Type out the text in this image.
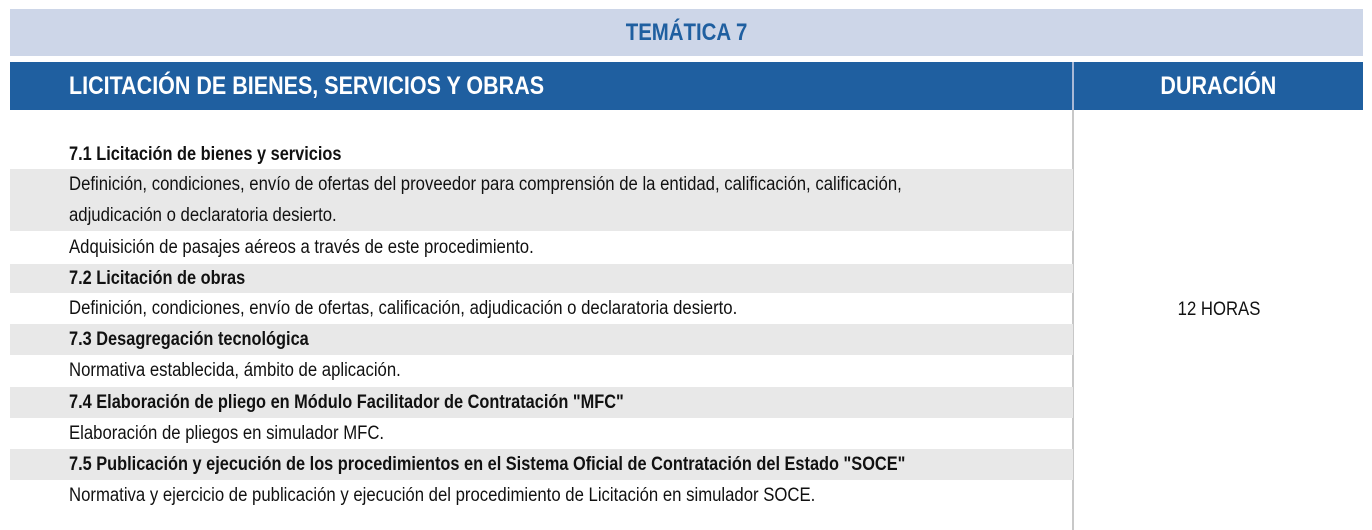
TEMÁTICA 7
LICITACIÓN DE BIENES, SERVICIOS Y OBRAS	DURACIÓN
12 HORAS
7.1 Licitación de bienes y servicios
Definición, condiciones, envío de ofertas del proveedor para comprensión de la entidad, calificación, calificación,
adjudicación o declaratoria desierto.
Adquisición de pasajes aéreos a través de este procedimiento.
7.2 Licitación de obras
Definición, condiciones, envío de ofertas, calificación, adjudicación o declaratoria desierto.
7.3 Desagregación tecnológica
Normativa establecida, ámbito de aplicación.
7.4 Elaboración de pliego en Módulo Facilitador de Contratación "MFC"
Elaboración de pliegos en simulador MFC.
7.5 Publicación y ejecución de los procedimientos en el Sistema Oficial de Contratación del Estado "SOCE"
Normativa y ejercicio de publicación y ejecución del procedimiento de Licitación en simulador SOCE.
